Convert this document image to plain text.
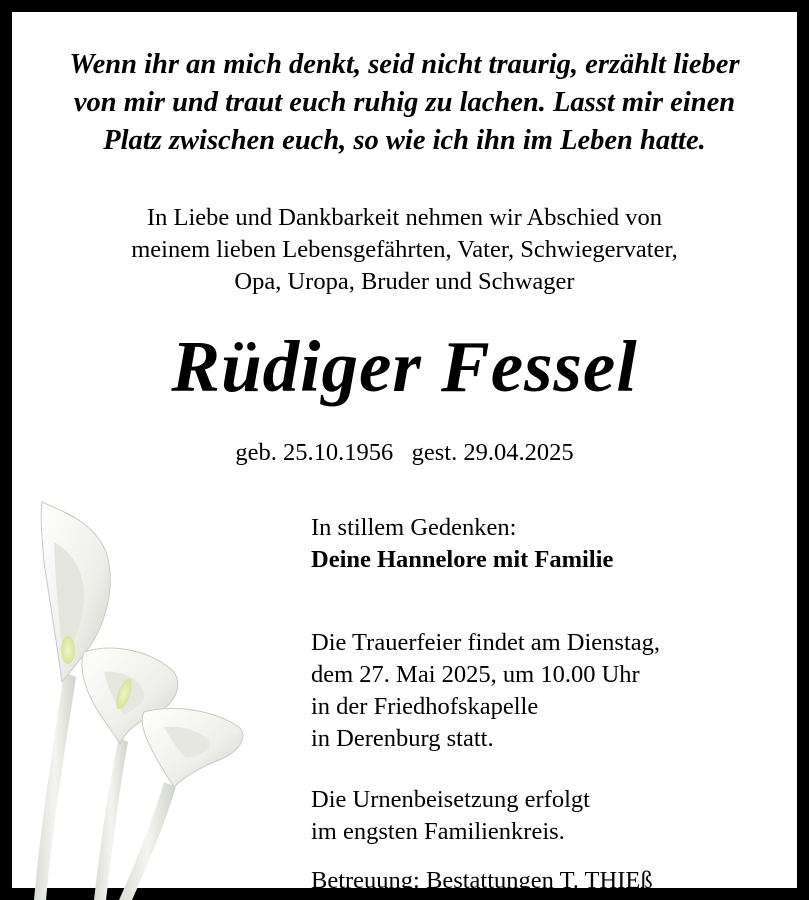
Wenn ihr an mich denkt, seid nicht traurig, erzählt lieber
von mir und traut euch ruhig zu lachen. Lasst mir einen
Platz zwischen euch, so wie ich ihn im Leben hatte.
In Liebe und Dankbarkeit nehmen wir Abschied von
meinem lieben Lebensgefährten, Vater, Schwiegervater,
Opa, Uropa, Bruder und Schwager
Rüdiger Fessel
geb. 25.10.1956 gest. 29.04.2025

In stillem Gedenken:

Deine Hannelore mit Familie

Die Trauerfeier findet am Dienstag,

dem 27. Mai 2025, um 10.00 Uhr

in der Friedhofskapelle

in Derenburg statt.

Die Urnenbeisetzung erfolgt

im engsten Familienkreis.

Betreuung: Bestattungen T. THIEß
